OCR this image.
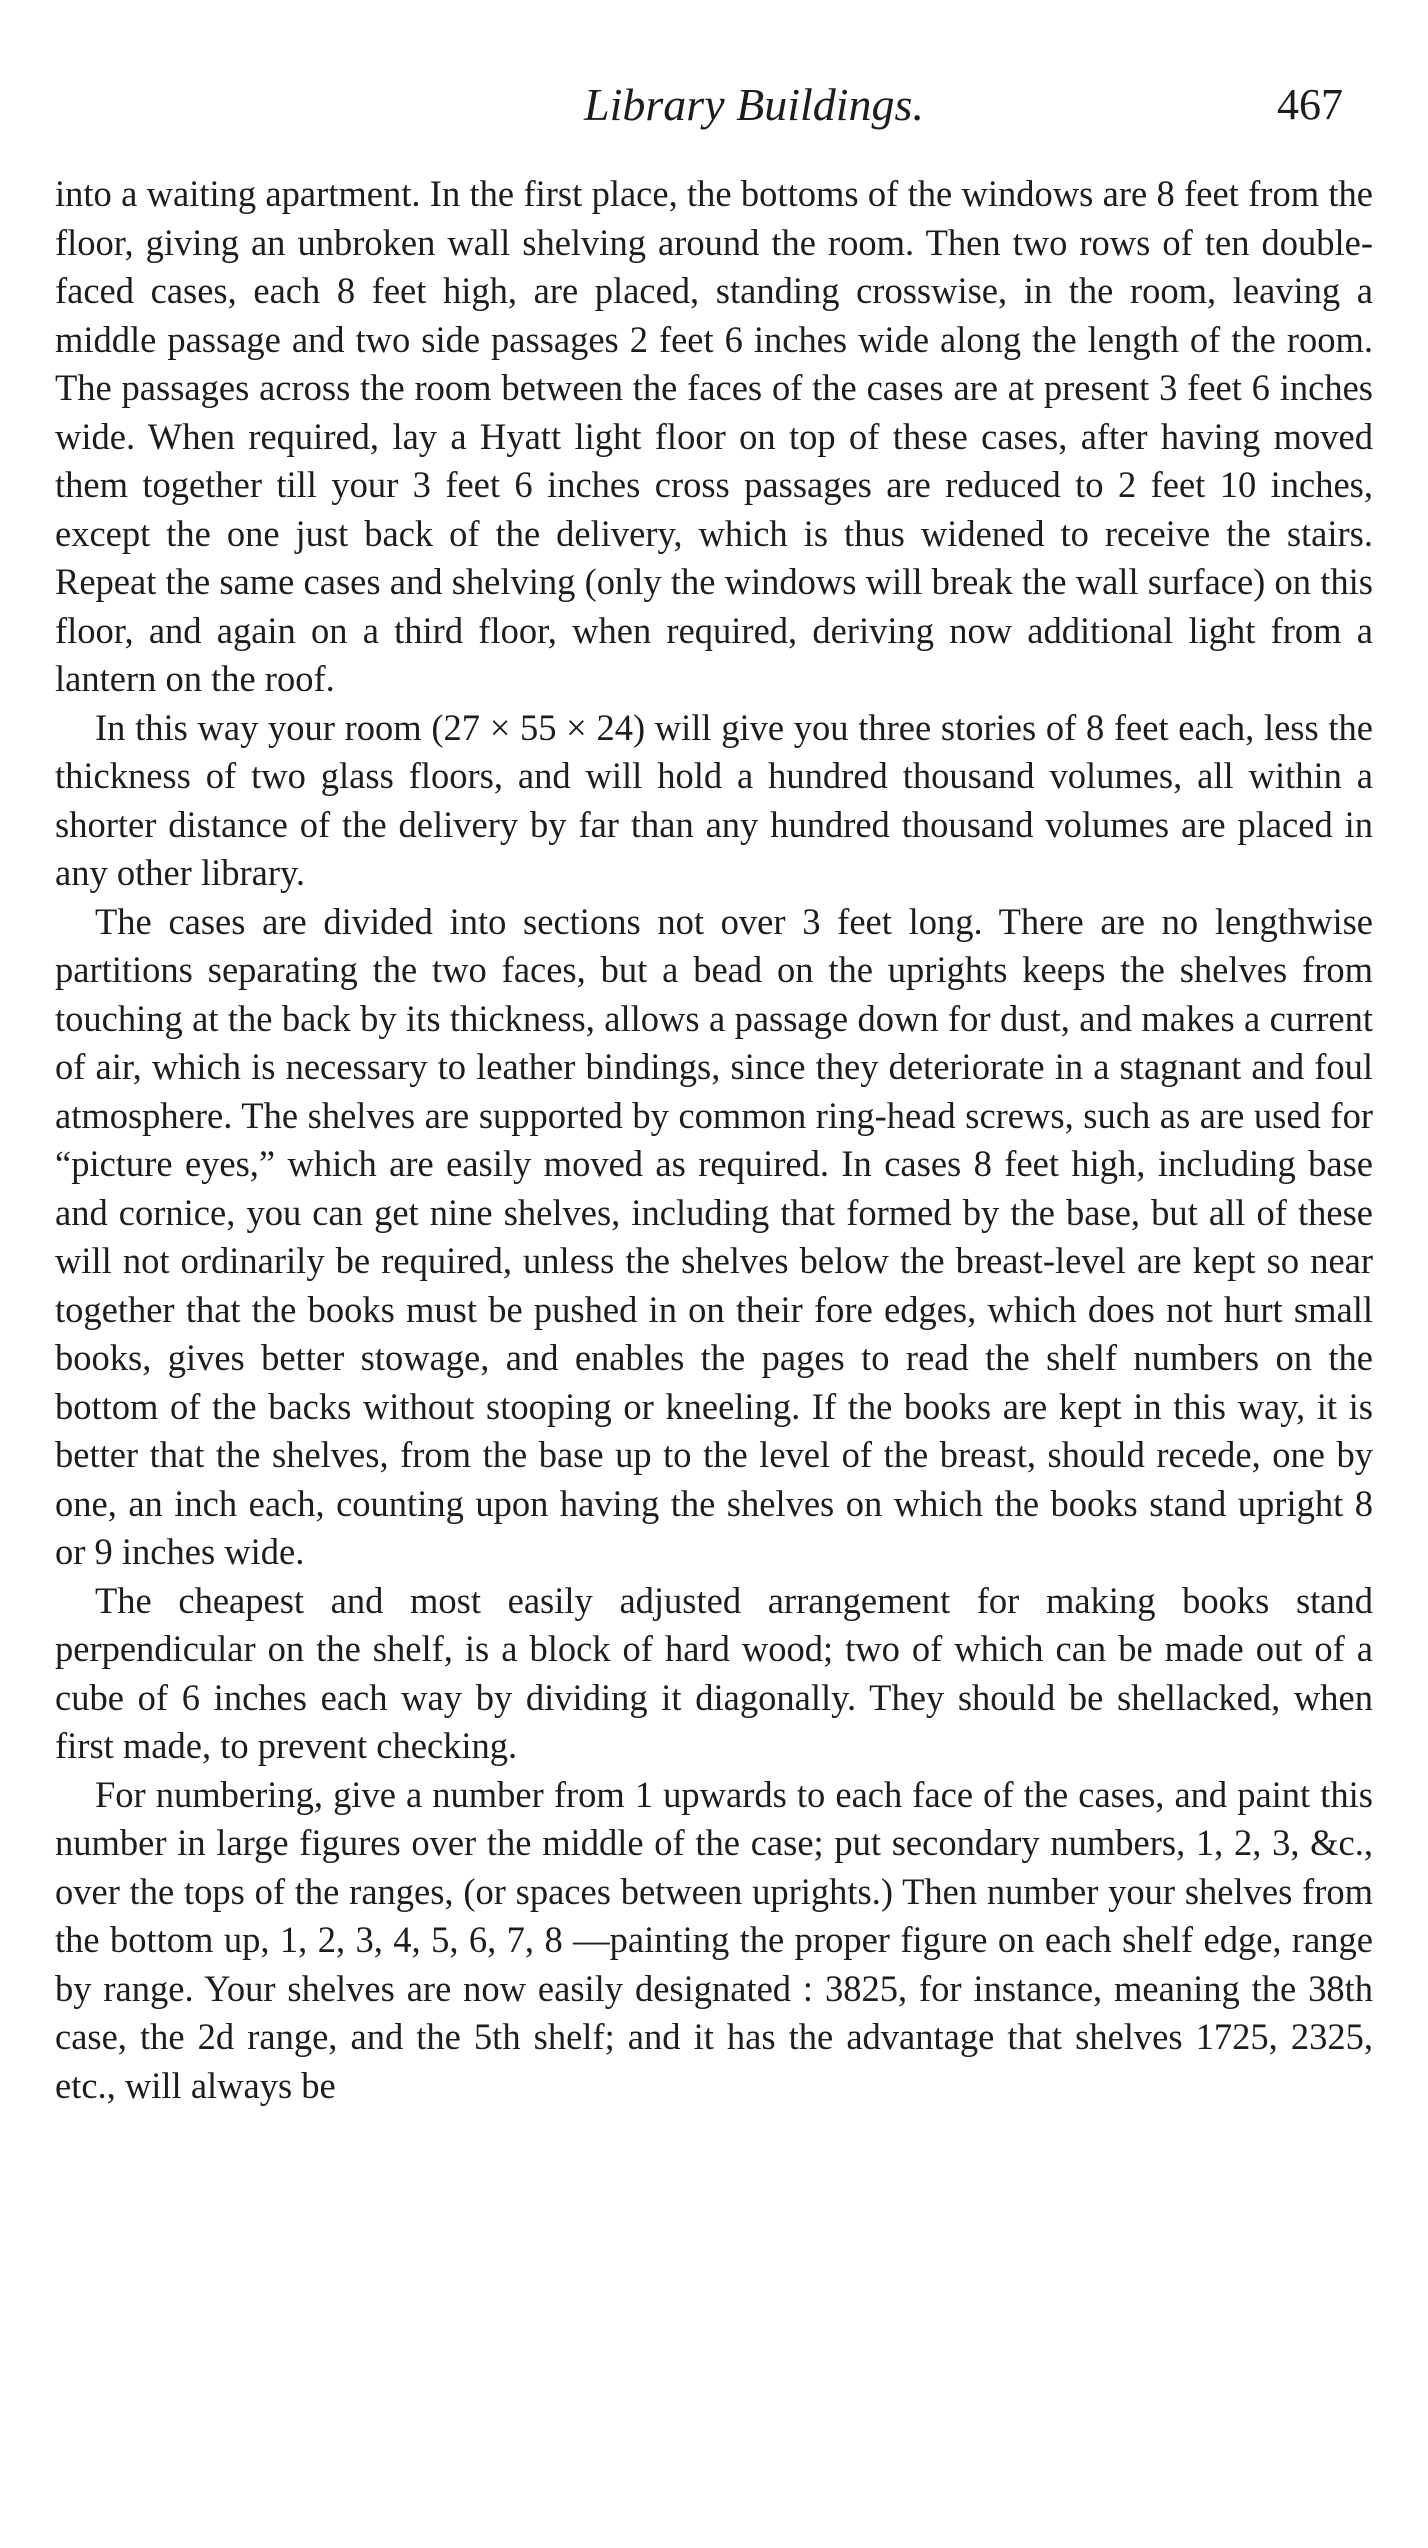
Library Buildings.	467

into a waiting apartment. In the first place, the bottoms of the windows are 8 feet from the floor, giving an unbroken wall shelving around the room. Then two rows of ten double-faced cases, each 8 feet high, are placed, standing crosswise, in the room, leaving a middle passage and two side passages 2 feet 6 inches wide along the length of the room. The passages across the room between the faces of the cases are at present 3 feet 6 inches wide. When required, lay a Hyatt light floor on top of these cases, after having moved them together till your 3 feet 6 inches cross passages are reduced to 2 feet 10 inches, except the one just back of the delivery, which is thus widened to receive the stairs. Repeat the same cases and shelving (only the windows will break the wall surface) on this floor, and again on a third floor, when required, deriving now additional light from a lantern on the roof.

In this way your room (27 × 55 × 24) will give you three stories of 8 feet each, less the thickness of two glass floors, and will hold a hundred thousand volumes, all within a shorter distance of the delivery by far than any hundred thousand volumes are placed in any other library.

The cases are divided into sections not over 3 feet long. There are no lengthwise partitions separating the two faces, but a bead on the uprights keeps the shelves from touching at the back by its thickness, allows a passage down for dust, and makes a current of air, which is necessary to leather bindings, since they deteriorate in a stagnant and foul atmosphere. The shelves are supported by common ring-head screws, such as are used for “picture eyes,” which are easily moved as required. In cases 8 feet high, including base and cornice, you can get nine shelves, including that formed by the base, but all of these will not ordinarily be required, unless the shelves below the breast-level are kept so near together that the books must be pushed in on their fore edges, which does not hurt small books, gives better stowage, and enables the pages to read the shelf numbers on the bottom of the backs without stooping or kneeling. If the books are kept in this way, it is better that the shelves, from the base up to the level of the breast, should recede, one by one, an inch each, counting upon having the shelves on which the books stand upright 8 or 9 inches wide.

The cheapest and most easily adjusted arrangement for making books stand perpendicular on the shelf, is a block of hard wood; two of which can be made out of a cube of 6 inches each way by dividing it diagonally. They should be shellacked, when first made, to prevent checking.

For numbering, give a number from 1 upwards to each face of the cases, and paint this number in large figures over the middle of the case; put secondary numbers, 1, 2, 3, &c., over the tops of the ranges, (or spaces between uprights.) Then number your shelves from the bottom up, 1, 2, 3, 4, 5, 6, 7, 8 —painting the proper figure on each shelf edge, range by range. Your shelves are now easily designated : 3825, for instance, meaning the 38th case, the 2d range, and the 5th shelf; and it has the advantage that shelves 1725, 2325, etc., will always be
